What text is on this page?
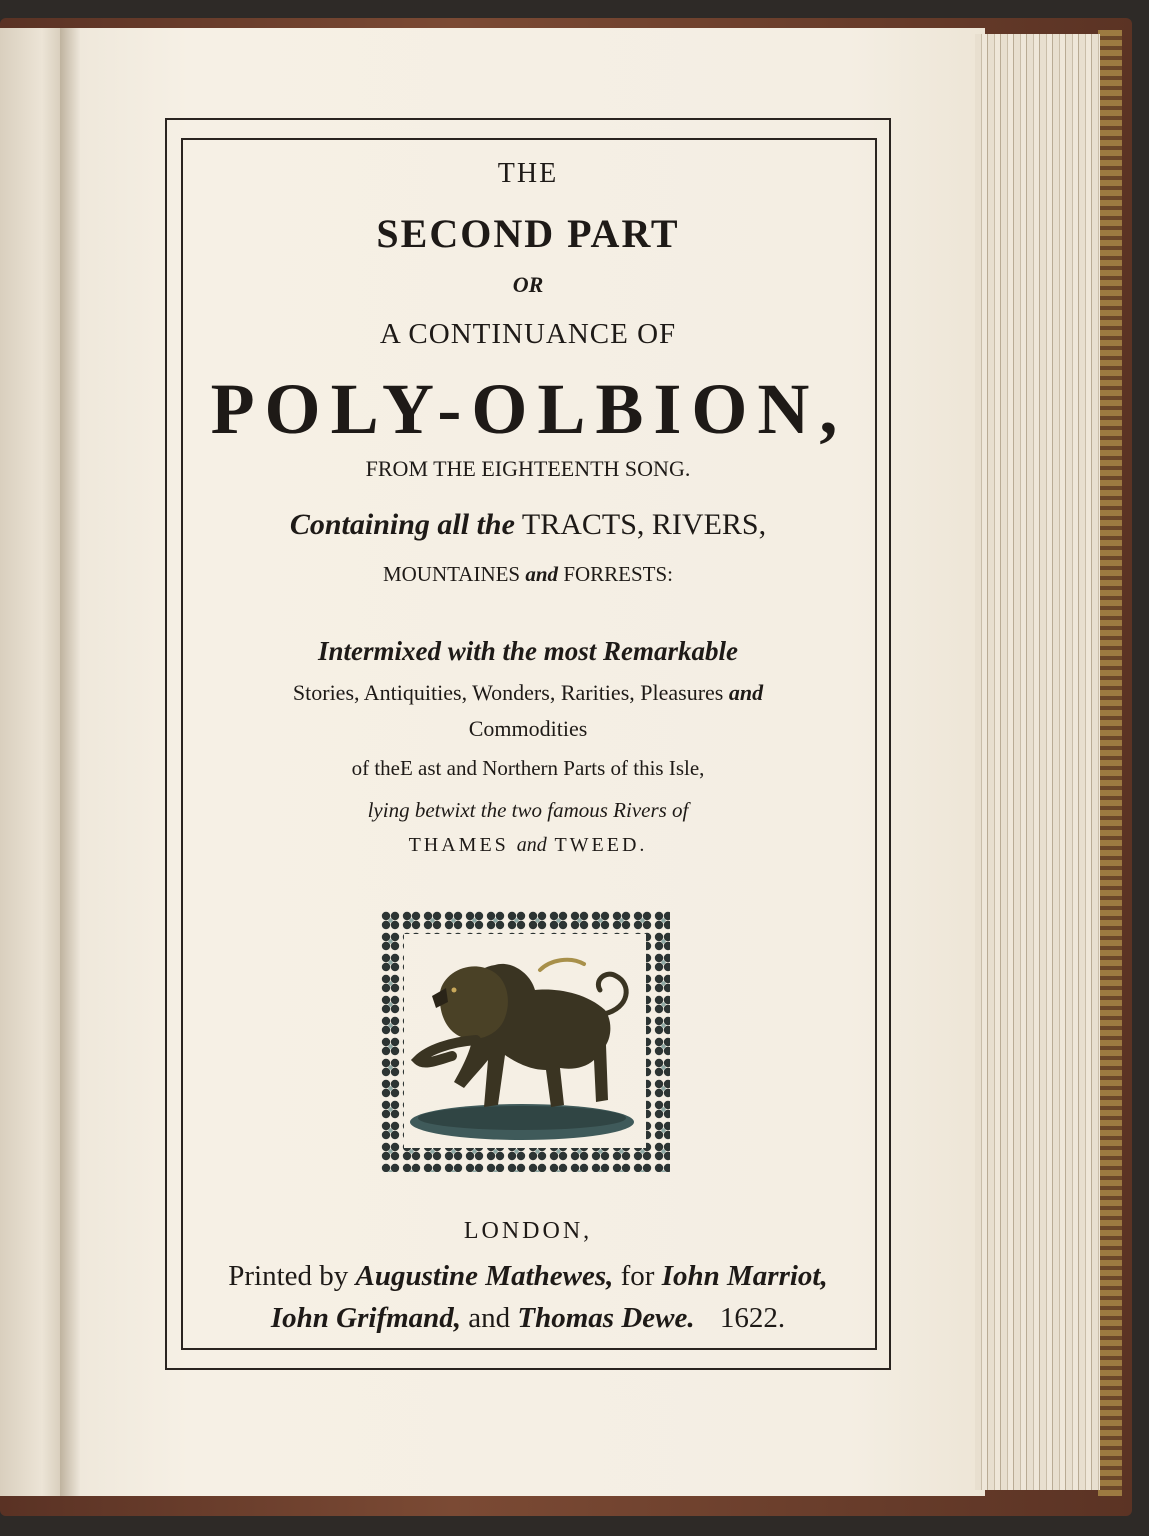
THE
SECOND PART
OR
A CONTINUANCE OF
POLY-OLBION,
FROM THE EIGHTEENTH SONG.
Containing all the TRACTS, RIVERS,
MOUNTAINES and FORRESTS:
Intermixed with the most Remarkable
Stories, Antiquities, Wonders, Rarities, Pleasures and
Commodities
of theE ast and Northern Parts of this Isle,
lying betwixt the two famous Rivers of
THAMES and TWEED.
LONDON,
Printed by Augustine Mathewes, for Iohn Marriot,
Iohn Grifmand, and Thomas Dewe. 1622.
